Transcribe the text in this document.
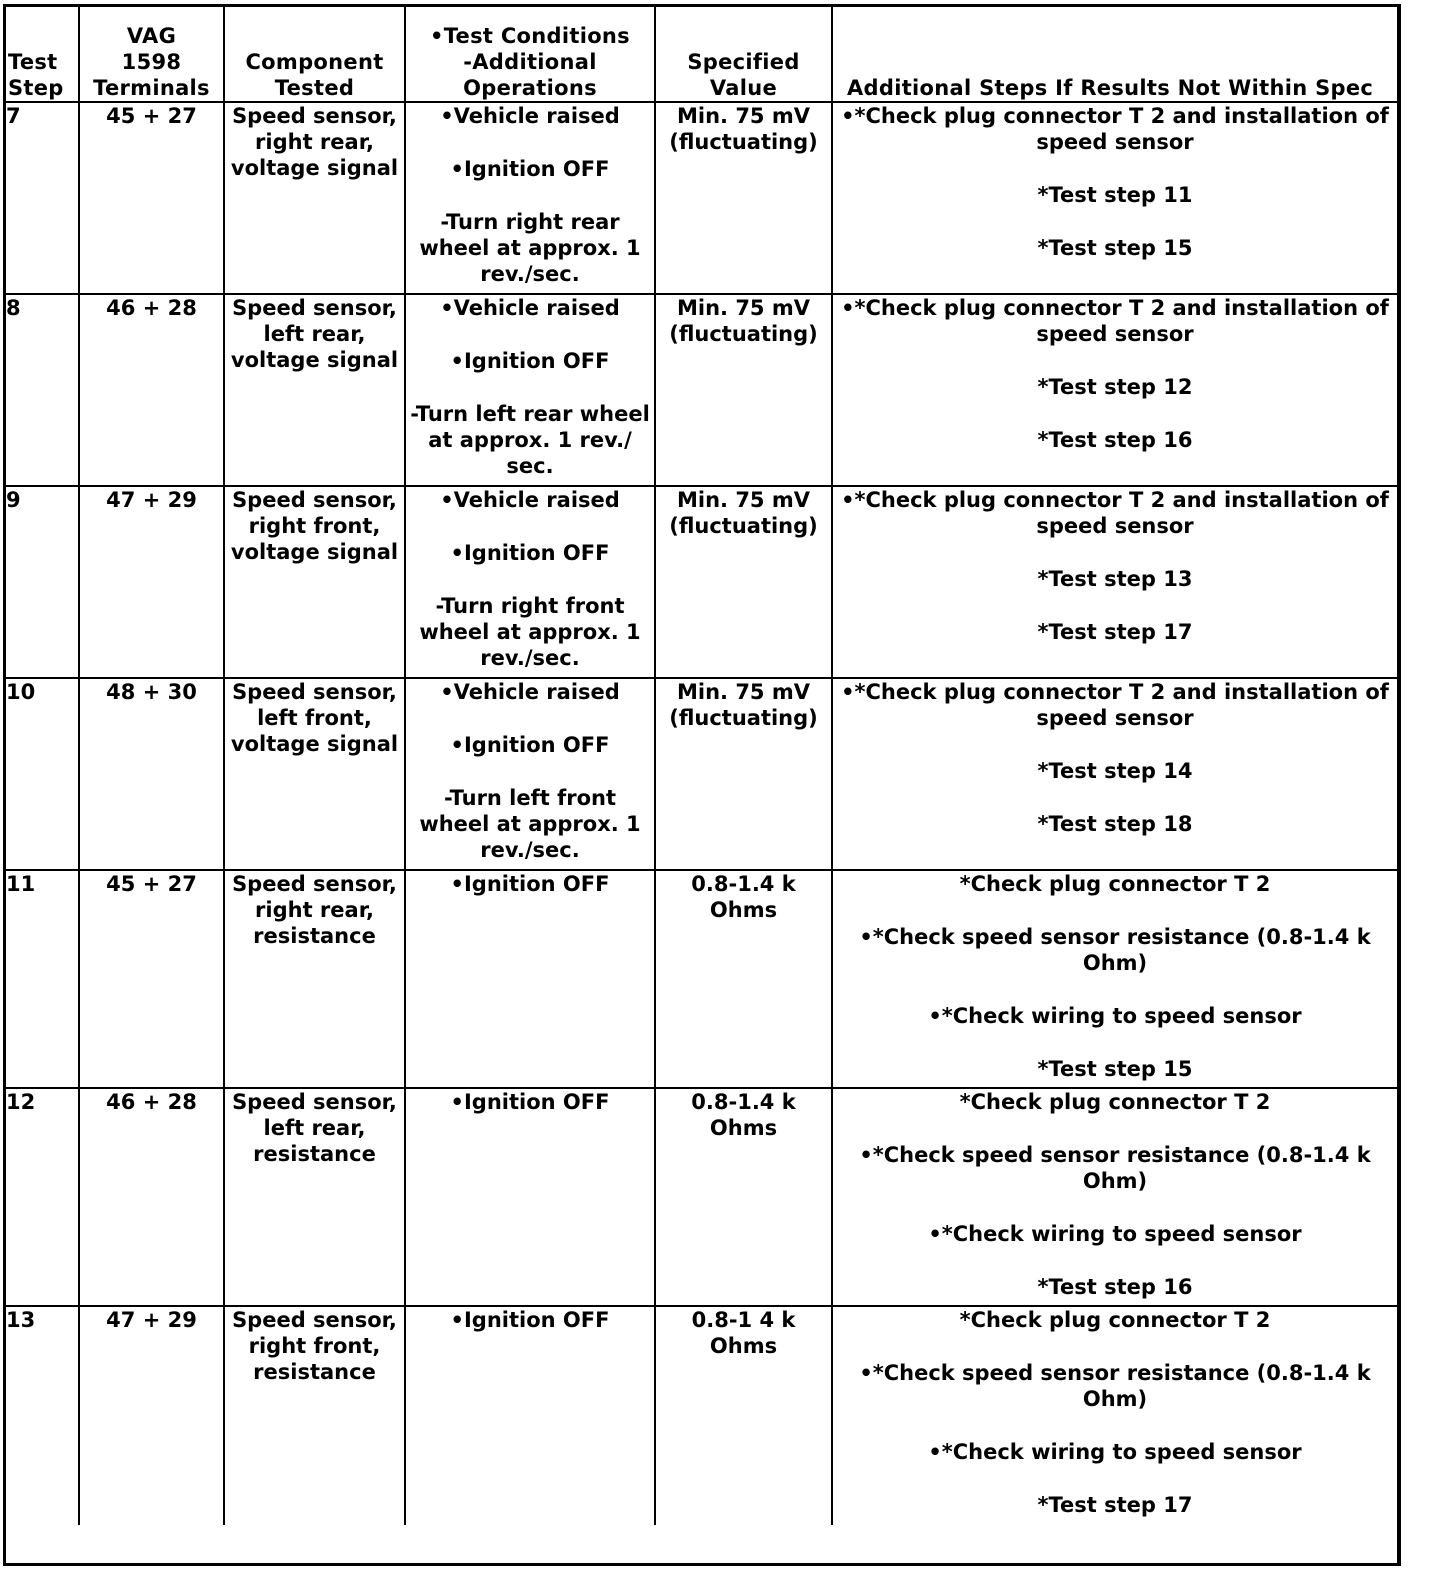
Test
Step	VAG
1598
Terminals	Component
Tested	•Test Conditions
-Additional
Operations	Specified
Value	Additional Steps If Results Not Within Spec

7	45 + 27	Speed sensor,
right rear,
voltage signal	•Vehicle raised
•Ignition OFF
-Turn right rear
wheel at approx. 1
rev./sec.	Min. 75 mV
(fluctuating)	•*Check plug connector T 2 and installation of
speed sensor
*Test step 11
*Test step 15

8	46 + 28	Speed sensor,
left rear,
voltage signal	•Vehicle raised
•Ignition OFF
-Turn left rear wheel
at approx. 1 rev./
sec.	Min. 75 mV
(fluctuating)	•*Check plug connector T 2 and installation of
speed sensor
*Test step 12
*Test step 16

9	47 + 29	Speed sensor,
right front,
voltage signal	•Vehicle raised
•Ignition OFF
-Turn right front
wheel at approx. 1
rev./sec.	Min. 75 mV
(fluctuating)	•*Check plug connector T 2 and installation of
speed sensor
*Test step 13
*Test step 17

10	48 + 30	Speed sensor,
left front,
voltage signal	•Vehicle raised
•Ignition OFF
-Turn left front
wheel at approx. 1
rev./sec.	Min. 75 mV
(fluctuating)	•*Check plug connector T 2 and installation of
speed sensor
*Test step 14
*Test step 18

11	45 + 27	Speed sensor,
right rear,
resistance	•Ignition OFF	0.8-1.4 k
Ohms	*Check plug connector T 2
•*Check speed sensor resistance (0.8-1.4 k
Ohm)
•*Check wiring to speed sensor
*Test step 15

12	46 + 28	Speed sensor,
left rear,
resistance	•Ignition OFF	0.8-1.4 k
Ohms	*Check plug connector T 2
•*Check speed sensor resistance (0.8-1.4 k
Ohm)
•*Check wiring to speed sensor
*Test step 16

13	47 + 29	Speed sensor,
right front,
resistance	•Ignition OFF	0.8-1 4 k
Ohms	*Check plug connector T 2
•*Check speed sensor resistance (0.8-1.4 k
Ohm)
•*Check wiring to speed sensor
*Test step 17
